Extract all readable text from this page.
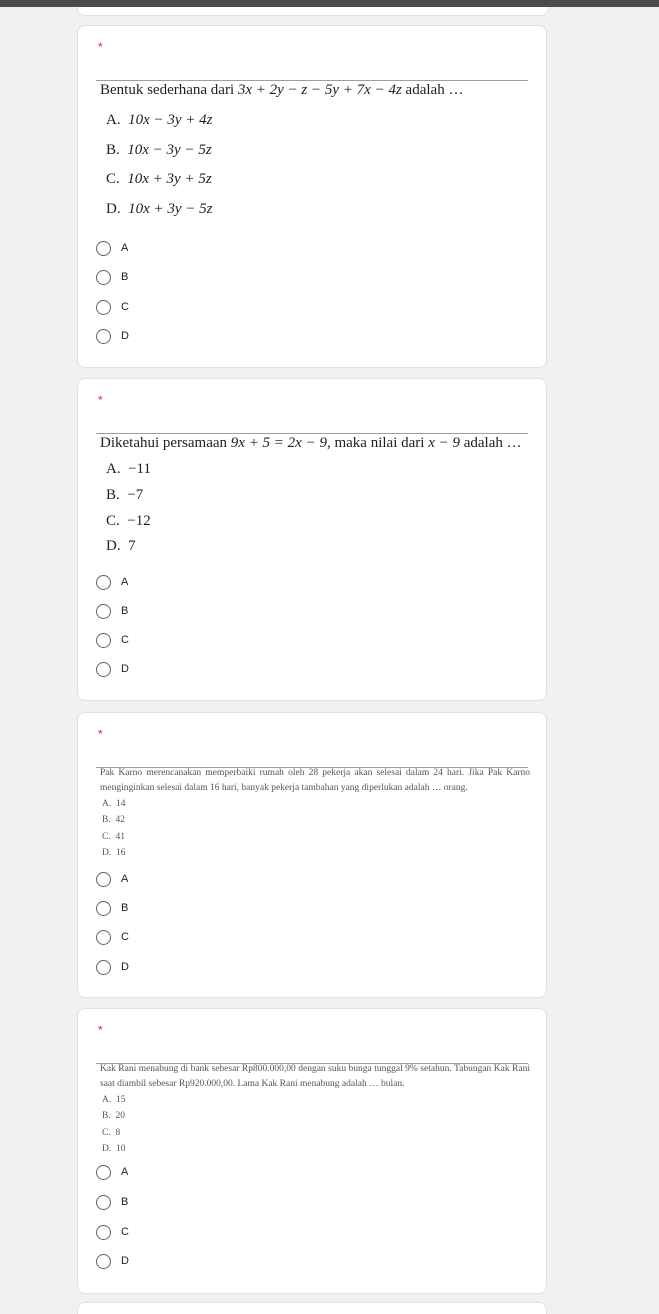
*
Bentuk sederhana dari 3x + 2y − z − 5y + 7x − 4z adalah …
A. 10x − 3y + 4z
B. 10x − 3y − 5z
C. 10x + 3y + 5z
D. 10x + 3y − 5z
A
B
C
D
*
Diketahui persamaan 9x + 5 = 2x − 9, maka nilai dari x − 9 adalah …
A. −11
B. −7
C. −12
D. 7
A
B
C
D
*
Pak Karno merencanakan memperbaiki rumah oleh 28 pekerja akan selesai dalam 24 hari. Jika Pak Karno menginginkan selesai dalam 16 hari, banyak pekerja tambahan yang diperlukan adalah … orang.
A. 14
B. 42
C. 41
D. 16
A
B
C
D
*
Kak Rani menabung di bank sebesar Rp800.000,00 dengan suku bunga tunggal 9% setahun. Tabungan Kak Rani saat diambil sebesar Rp920.000,00. Lama Kak Rani menabung adalah … bulan.
A. 15
B. 20
C. 8
D. 10
A
B
C
D
